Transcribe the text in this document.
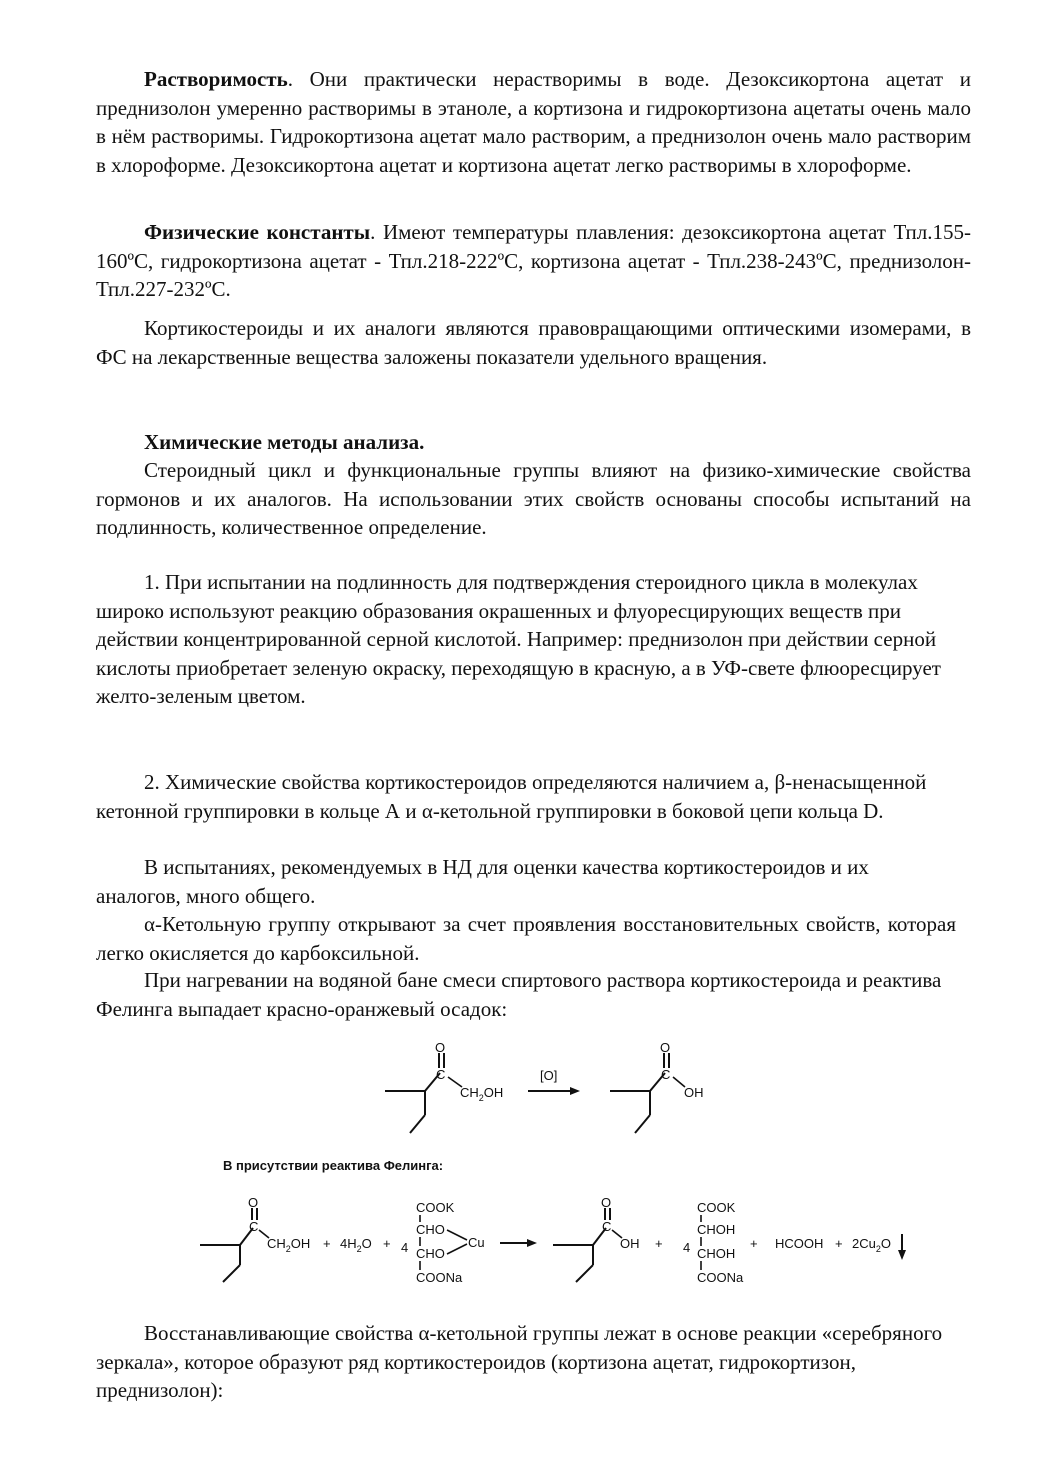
Растворимость. Они практически нерастворимы в воде. Дезоксикортона ацетат и преднизолон умеренно растворимы в этаноле, а кортизона и гидрокортизона ацетаты очень мало в нём растворимы. Гидрокортизона ацетат мало растворим, а преднизолон очень мало растворим в хлороформе. Дезоксикортона ацетат и кортизона ацетат легко растворимы в хлороформе.

Физические константы. Имеют температуры плавления: дезоксикортона ацетат Тпл.155-160ºС, гидрокортизона ацетат - Тпл.218-222ºС, кортизона ацетат - Тпл.238-243ºС, преднизолон- Тпл.227-232ºС.

Кортикостероиды и их аналоги являются правовращающими оптическими изомерами, в ФС на лекарственные вещества заложены показатели удельного вращения.

Химические методы анализа.

Стероидный цикл и функциональные группы влияют на физико-химические свойства гормонов и их аналогов. На использовании этих свойств основаны способы испытаний на подлинность, количественное определение.

1. При испытании на подлинность для подтверждения стероидного цикла в молекулах широко используют реакцию образования окрашенных и флуоресцирующих веществ при действии концентрированной серной кислотой. Например: преднизолон при действии серной кислоты приобретает зеленую окраску, переходящую в красную, а в УФ-свете флюоресцирует желто-зеленым цветом.

2. Химические свойства кортикостероидов определяются наличием а, β-ненасыщенной кетонной группировки в кольце А и α-кетольной группировки в боковой цепи кольца D.

В испытаниях, рекомендуемых в НД для оценки качества кортикостероидов и их аналогов, много общего.

α-Кетольную группу открывают за счет проявления восстановительных свойств, которая легко окисляется до карбоксильной.

При нагревании на водяной бане смеси спиртового раствора кортикостероида и реактива Фелинга выпадает красно-оранжевый осадок:

O
C
$CH_2OH$
[O]
O
C
OH
В присутствии реактива Фелинга:
O
C
$CH_2OH + 4H_2O + 4$
COOK
CHO
CHO
COONa
Cu
O
C
OH + 4
COOK
CHOH
CHOH
COONa
+ HCOOH + $2Cu_2O$

Восстанавливающие свойства α-кетольной группы лежат в основе реакции «серебряного зеркала», которое образуют ряд кортикостероидов (кортизона ацетат, гидрокортизон, преднизолон):
